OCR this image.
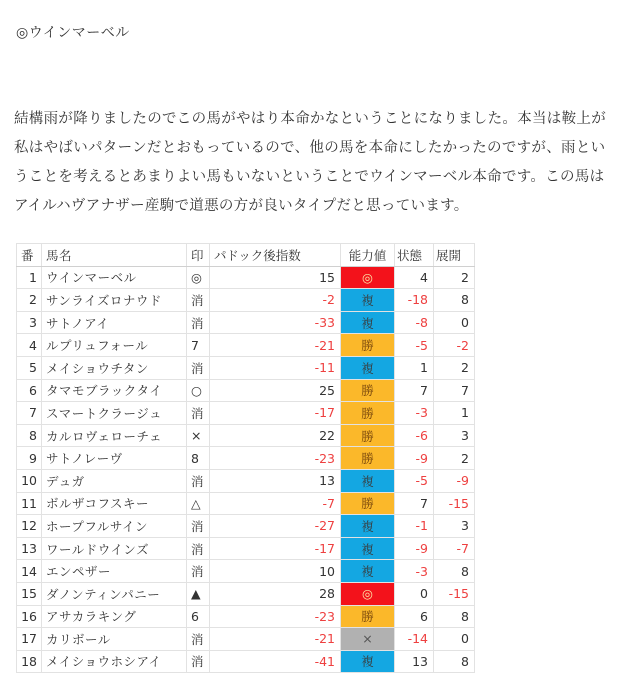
◎ウインマーベル
結構雨が降りましたのでこの馬がやはり本命かなということになりました。本当は鞍上が
私はやばいパターンだとおもっているので、他の馬を本命にしたかったのですが、雨とい
うことを考えるとあまりよい馬もいないということでウインマーベル本命です。この馬は
アイルハヴアナザー産駒で道悪の方が良いタイプだと思っています。
番	馬名	印	パドック後指数	能力値	状態	展開
1	ウインマーベル	◎	15	◎	4	2
2	サンライズロナウド	消	-2	複	-18	8
3	サトノアイ	消	-33	複	-8	0
4	ルプリュフォール	7	-21	勝	-5	-2
5	メイショウチタン	消	-11	複	1	2
6	タマモブラックタイ	○	25	勝	7	7
7	スマートクラージュ	消	-17	勝	-3	1
8	カルロヴェローチェ	×	22	勝	-6	3
9	サトノレーヴ	8	-23	勝	-9	2
10	デュガ	消	13	複	-5	-9
11	ボルザコフスキー	△	-7	勝	7	-15
12	ホープフルサイン	消	-27	複	-1	3
13	ワールドウインズ	消	-17	複	-9	-7
14	エンペザー	消	10	複	-3	8
15	ダノンティンパニー	▲	28	◎	0	-15
16	アサカラキング	6	-23	勝	6	8
17	カリボール	消	-21	×	-14	0
18	メイショウホシアイ	消	-41	複	13	8
